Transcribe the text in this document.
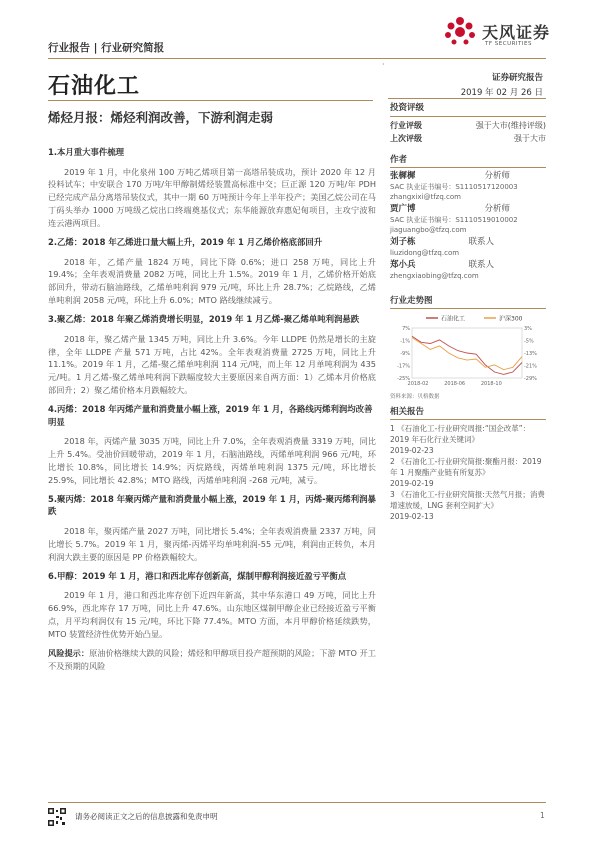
行业报告 | 行业研究简报
天风证券
TF SECURITIES
石油化工
·
证券研究报告
2019 年 02 月 26 日
烯烃月报：烯烃利润改善，下游利润走弱
1.本月重大事件梳理

2019 年 1 月，中化泉州 100 万吨乙烯项目第一高塔吊装成功，预计 2020 年 12 月投料试车；中安联合 170 万吨/年甲醇制烯烃装置高标准中交；巨正源 120 万吨/年 PDH 已经完成产品分离塔吊装仪式，其中一期 60 万吨预计今年上半年投产；美国乙烷公司在马丁码头举办 1000 万吨级乙烷出口终端奠基仪式；东华能源放弃惠妃甸项目，主攻宁波和连云港两项目。

2.乙烯：2018 年乙烯进口量大幅上升，2019 年 1 月乙烯价格底部回升

2018 年，乙烯产量 1824 万吨，同比下降 0.6%；进口 258 万吨，同比上升 19.4%；全年表观消费量 2082 万吨，同比上升 1.5%。2019 年 1 月，乙烯价格开始底部回升，带动石脑油路线，乙烯单吨利润 979 元/吨，环比上升 28.7%；乙烷路线，乙烯单吨利润 2058 元/吨，环比上升 6.0%；MTO 路线继续减亏。

3.聚乙烯：2018 年聚乙烯消费增长明显，2019 年 1 月乙烯-聚乙烯单吨利润悬跌

2018 年，聚乙烯产量 1345 万吨，同比上升 3.6%。今年 LLDPE 仍然是增长的主旋律，全年 LLDPE 产量 571 万吨，占比 42%。全年表观消费量 2725 万吨，同比上升 11.1%。2019 年 1 月，乙烯-聚乙烯单吨利润 114 元/吨，而上年 12 月单吨利润为 435 元/吨。1 月乙烯-聚乙烯单吨利润下跌幅度较大主要原因来自两方面：1）乙烯本月价格底部回升；2）聚乙烯价格本月跌幅较大。

4.丙烯：2018 年丙烯产量和消费量小幅上涨，2019 年 1 月，各路线丙烯利润均改善明显

2018 年，丙烯产量 3035 万吨，同比上升 7.0%，全年表观消费量 3319 万吨，同比上升 5.4%。受油价回暖带动，2019 年 1 月，石脑油路线，丙烯单吨利润 966 元/吨，环比增长 10.8%，同比增长 14.9%；丙烷路线，丙烯单吨利润 1375 元/吨，环比增长 25.9%，同比增长 42.8%；MTO 路线，丙烯单吨利润 -268 元/吨，减亏。

5.聚丙烯：2018 年聚丙烯产量和消费量小幅上涨，2019 年 1 月，丙烯-聚丙烯利润暴跌

2018 年，聚丙烯产量 2027 万吨，同比增长 5.4%；全年表观消费量 2337 万吨，同比增长 5.7%。2019 年 1 月，聚丙烯-丙烯平均单吨利润-55 元/吨，利润由正转负，本月利润大跌主要的原因是 PP 价格跌幅较大。

6.甲醇：2019 年 1 月，港口和西北库存创新高，煤制甲醇利润接近盈亏平衡点

2019 年 1 月，港口和西北库存创下近四年新高，其中华东港口 49 万吨，同比上升 66.9%，西北库存 17 万吨，同比上升 47.6%。山东地区煤制甲醇企业已经接近盈亏平衡点，月平均利润仅有 15 元/吨，环比下降 77.4%。MTO 方面，本月甲醇价格延续跌势，MTO 装置经济性优势开始凸显。

风险提示：原油价格继续大跌的风险；烯烃和甲醇项目投产超预期的风险；下游 MTO 开工不及预期的风险

投资评级
行业评级	强于大市(维持评级)
上次评级	强于大市
作者
张樨樨	分析师
SAC 执业证书编号：S1110517120003
zhangxixi@tfzq.com
贾广博	分析师
SAC 执业证书编号：S1110519010002
jiaguangbo@tfzq.com
刘子栋	联系人
liuzidong@tfzq.com
郑小兵	联系人
zhengxiaobing@tfzq.com
行业走势图
石油化工	沪深300
7%
-1%
-9%
-17%
-25%
3%
-5%
-13%
-21%
-29%
2018-02	2018-06	2018-10
资料来源：贝格数据
相关报告
1 《石油化工-行业研究周报:“国企改革”：2019 年石化行业关键词》
2019-02-23
2 《石油化工-行业研究简报:聚酯月报：2019 年 1 月聚酯产业链有所复苏》
2019-02-19
3 《石油化工-行业研究简报:天然气月报；消费增速放缓，LNG 套利空间扩大》
2019-02-13
请务必阅读正文之后的信息披露和免责申明	1
